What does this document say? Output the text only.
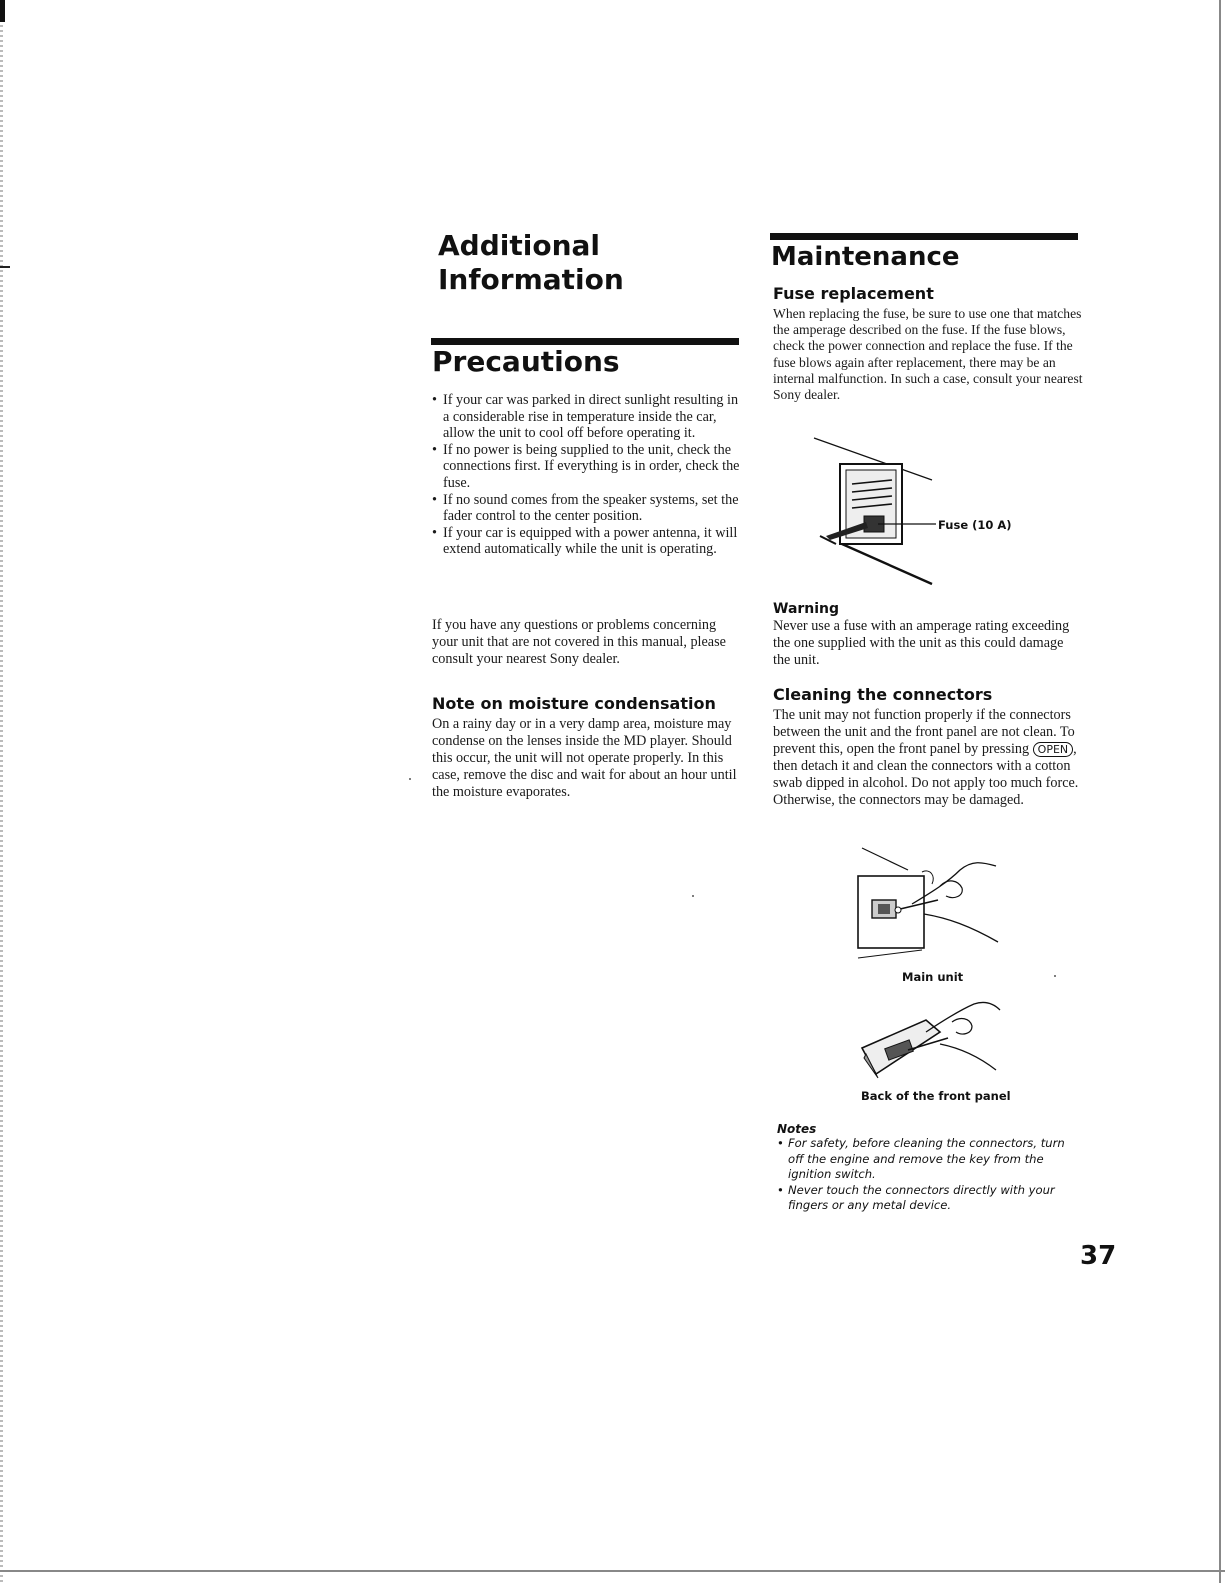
Additional
Information
Precautions
• If your car was parked in direct sunlight resulting in a considerable rise in temperature inside the car, allow the unit to cool off before operating it.
• If no power is being supplied to the unit, check the connections first. If everything is in order, check the fuse.
• If no sound comes from the speaker systems, set the fader control to the center position.
• If your car is equipped with a power antenna, it will extend automatically while the unit is operating.

If you have any questions or problems concerning your unit that are not covered in this manual, please consult your nearest Sony dealer.

Note on moisture condensation

On a rainy day or in a very damp area, moisture may condense on the lenses inside the MD player. Should this occur, the unit will not operate properly. In this case, remove the disc and wait for about an hour until the moisture evaporates.

Maintenance
Fuse replacement

When replacing the fuse, be sure to use one that matches the amperage described on the fuse. If the fuse blows, check the power connection and replace the fuse. If the fuse blows again after replacement, there may be an internal malfunction. In such a case, consult your nearest Sony dealer.

Fuse (10 A)
Warning

Never use a fuse with an amperage rating exceeding the one supplied with the unit as this could damage the unit.

Cleaning the connectors

The unit may not function properly if the connectors between the unit and the front panel are not clean. To prevent this, open the front panel by pressing OPEN , then detach it and clean the connectors with a cotton swab dipped in alcohol. Do not apply too much force. Otherwise, the connectors may be damaged.

Main unit
Back of the front panel
Notes
• For safety, before cleaning the connectors, turn off the engine and remove the key from the ignition switch.
• Never touch the connectors directly with your fingers or any metal device.
37
